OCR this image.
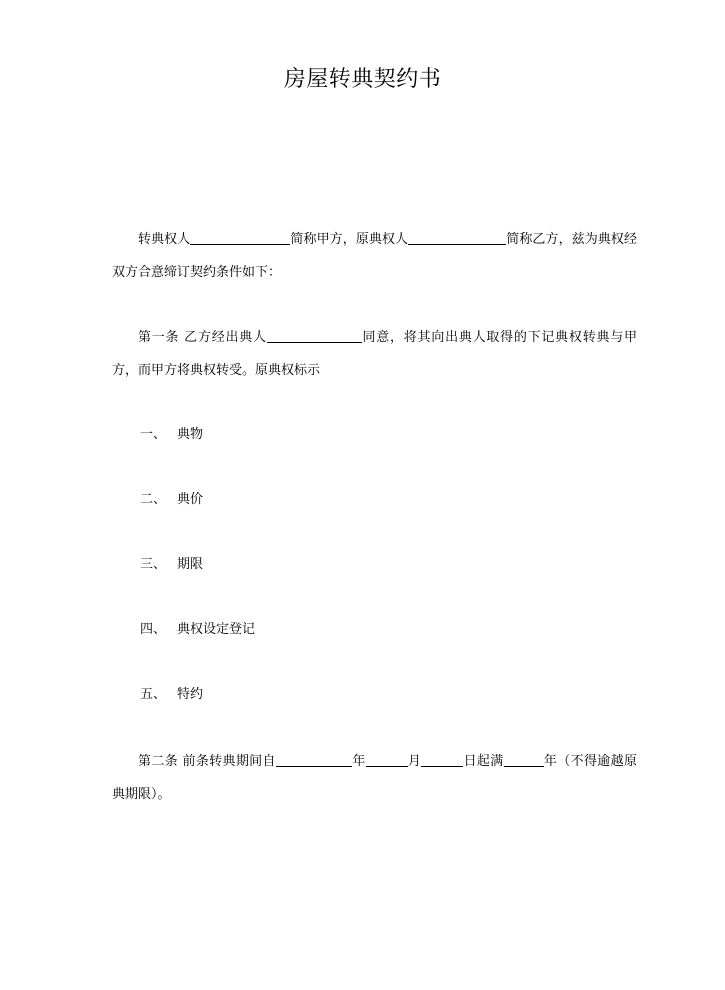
房屋转典契约书
转典权人	简称甲方，原典权人	简称乙方，兹为典权经双方合意缔订契约条件如下：
第一条 乙方经出典人	同意，将其向出典人取得的下记典权转典与甲方，而甲方将典权转受。原典权标示
一、 典物
二、 典价
三、 期限
四、 典权设定登记
五、 特约
第二条 前条转典期间自	年	月	日起满	年（不得逾越原典期限）。
